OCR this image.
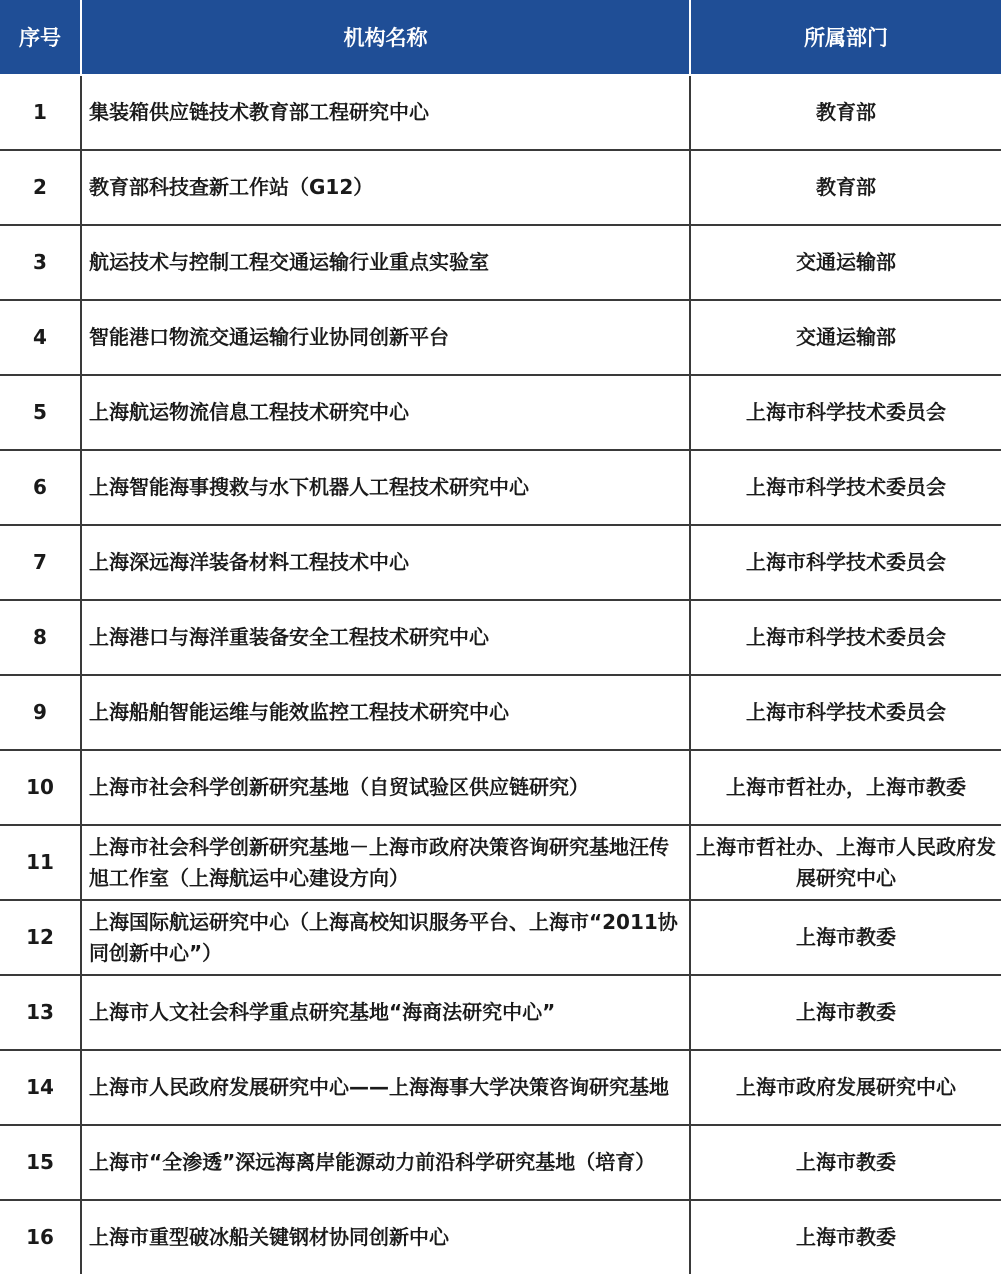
序号	机构名称	所属部门
1	集装箱供应链技术教育部工程研究中心	教育部
2	教育部科技查新工作站（G12）	教育部
3	航运技术与控制工程交通运输行业重点实验室	交通运输部
4	智能港口物流交通运输行业协同创新平台	交通运输部
5	上海航运物流信息工程技术研究中心	上海市科学技术委员会
6	上海智能海事搜救与水下机器人工程技术研究中心	上海市科学技术委员会
7	上海深远海洋装备材料工程技术中心	上海市科学技术委员会
8	上海港口与海洋重装备安全工程技术研究中心	上海市科学技术委员会
9	上海船舶智能运维与能效监控工程技术研究中心	上海市科学技术委员会
10	上海市社会科学创新研究基地（自贸试验区供应链研究）	上海市哲社办，上海市教委
11	上海市社会科学创新研究基地－上海市政府决策咨询研究基地汪传旭工作室（上海航运中心建设方向）	上海市哲社办、上海市人民政府发展研究中心
12	上海国际航运研究中心（上海高校知识服务平台、上海市“2011协同创新中心”）	上海市教委
13	上海市人文社会科学重点研究基地“海商法研究中心”	上海市教委
14	上海市人民政府发展研究中心——上海海事大学决策咨询研究基地	上海市政府发展研究中心
15	上海市“全渗透”深远海离岸能源动力前沿科学研究基地（培育）	上海市教委
16	上海市重型破冰船关键钢材协同创新中心	上海市教委
